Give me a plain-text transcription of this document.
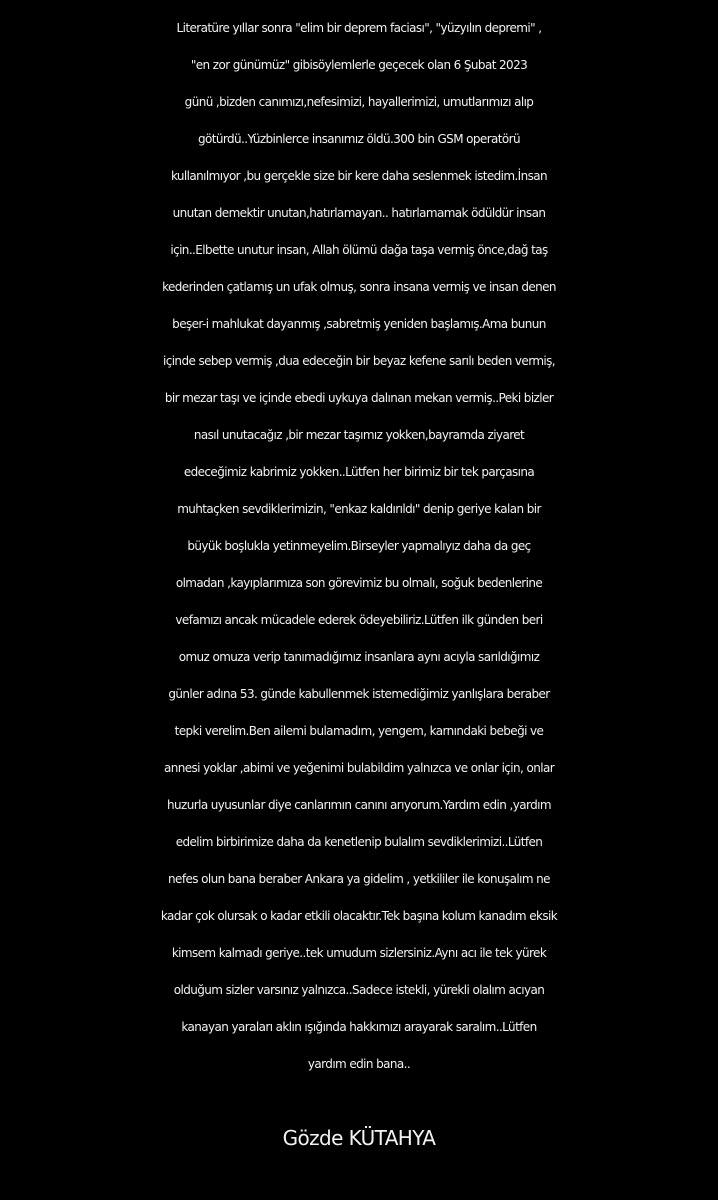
Literatüre yıllar sonra "elim bir deprem faciası", "yüzyılın depremi" ,
"en zor günümüz" gibisöylemlerle geçecek olan 6 Şubat 2023
günü ,bizden canımızı,nefesimizi, hayallerimizi, umutlarımızı alıp
götürdü..Yüzbinlerce insanımız öldü.300 bin GSM operatörü
kullanılmıyor ,bu gerçekle size bir kere daha seslenmek istedim.İnsan
unutan demektir unutan,hatırlamayan.. hatırlamamak ödüldür insan
için..Elbette unutur insan, Allah ölümü dağa taşa vermiş önce,dağ taş
kederinden çatlamış un ufak olmuş, sonra insana vermiş ve insan denen
beşer-i mahlukat dayanmış ,sabretmiş yeniden başlamış.Ama bunun
içinde sebep vermiş ,dua edeceğin bir beyaz kefene sarılı beden vermiş,
bir mezar taşı ve içinde ebedi uykuya dalınan mekan vermiş..Peki bizler
nasıl unutacağız ,bir mezar taşımız yokken,bayramda ziyaret
edeceğimiz kabrimiz yokken..Lütfen her birimiz bir tek parçasına
muhtaçken sevdiklerimizin, "enkaz kaldırıldı" denip geriye kalan bir
büyük boşlukla yetinmeyelim.Birseyler yapmalıyız daha da geç
olmadan ,kayıplarımıza son görevimiz bu olmalı, soğuk bedenlerine
vefamızı ancak mücadele ederek ödeyebiliriz.Lütfen ilk günden beri
omuz omuza verip tanımadığımız insanlara aynı acıyla sarıldığımız
günler adına 53. günde kabullenmek istemediğimiz yanlışlara beraber
tepki verelim.Ben ailemi bulamadım, yengem, karnındaki bebeği ve
annesi yoklar ,abimi ve yeğenimi bulabildim yalnızca ve onlar için, onlar
huzurla uyusunlar diye canlarımın canını arıyorum.Yardım edin ,yardım
edelim birbirimize daha da kenetlenip bulalım sevdiklerimizi..Lütfen
nefes olun bana beraber Ankara ya gidelim , yetkililer ile konuşalım ne
kadar çok olursak o kadar etkili olacaktır.Tek başına kolum kanadım eksik
kimsem kalmadı geriye..tek umudum sizlersiniz.Aynı acı ile tek yürek
olduğum sizler varsınız yalnızca..Sadece istekli, yürekli olalım acıyan
kanayan yaraları aklın ışığında hakkımızı arayarak saralım..Lütfen
yardım edin bana..
Gözde KÜTAHYA
